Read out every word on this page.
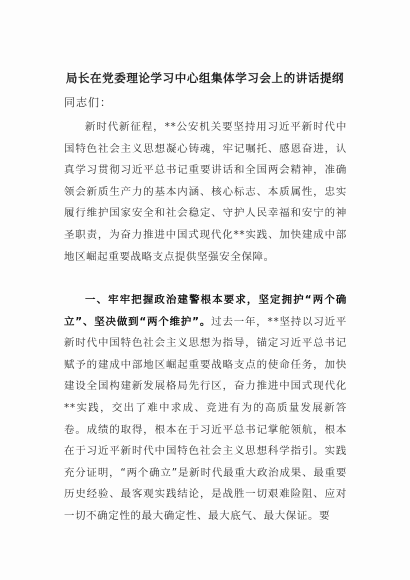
局长在党委理论学习中心组集体学习会上的讲话提纲
同志们：

新时代新征程，**公安机关要坚持用习近平新时代中国特色社会主义思想凝心铸魂，牢记嘱托、感恩奋进，认真学习贯彻习近平总书记重要讲话和全国两会精神，准确领会新质生产力的基本内涵、核心标志、本质属性，忠实履行维护国家安全和社会稳定、守护人民幸福和安宁的神圣职责，为奋力推进中国式现代化**实践、加快建成中部地区崛起重要战略支点提供坚强安全保障。

一、牢牢把握政治建警根本要求，坚定拥护“两个确立”、坚决做到“两个维护”。过去一年，**坚持以习近平新时代中国特色社会主义思想为指导，锚定习近平总书记赋予的建成中部地区崛起重要战略支点的使命任务，加快建设全国构建新发展格局先行区，奋力推进中国式现代化**实践，交出了难中求成、竞进有为的高质量发展新答卷。成绩的取得，根本在于习近平总书记掌舵领航，根本在于习近平新时代中国特色社会主义思想科学指引。实践充分证明，“两个确立”是新时代最重大政治成果、最重要历史经验、最客观实践结论，是战胜一切艰难险阻、应对一切不确定性的最大确定性、最大底气、最大保证。要
